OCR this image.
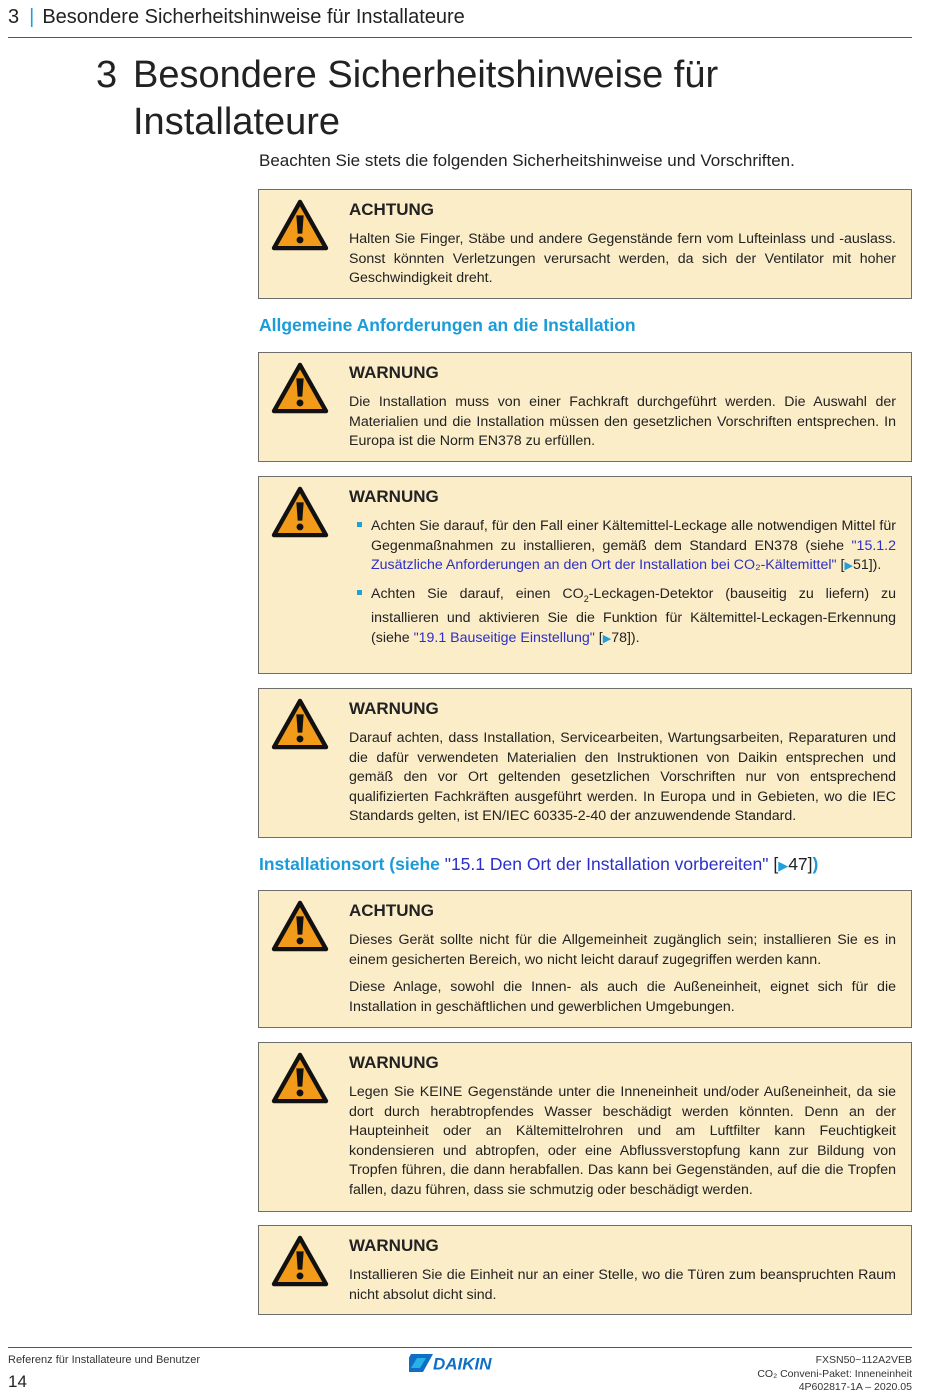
3 | Besondere Sicherheitshinweise für Installateure
3 Besondere Sicherheitshinweise für Installateure
Beachten Sie stets die folgenden Sicherheitshinweise und Vorschriften.
ACHTUNG

Halten Sie Finger, Stäbe und andere Gegenstände fern vom Lufteinlass und -auslass. Sonst könnten Verletzungen verursacht werden, da sich der Ventilator mit hoher Geschwindigkeit dreht.

Allgemeine Anforderungen an die Installation
WARNUNG

Die Installation muss von einer Fachkraft durchgeführt werden. Die Auswahl der Materialien und die Installation müssen den gesetzlichen Vorschriften entsprechen. In Europa ist die Norm EN378 zu erfüllen.

WARNUNG
Achten Sie darauf, für den Fall einer Kältemittel-Leckage alle notwendigen Mittel für Gegenmaßnahmen zu installieren, gemäß dem Standard EN378 (siehe "15.1.2 Zusätzliche Anforderungen an den Ort der Installation bei CO₂-Kältemittel" [▶51]).
Achten Sie darauf, einen $CO_2-Leckagen$-Detektor (bauseitig zu liefern) zu installieren und aktivieren Sie die Funktion für Kältemittel-Leckagen-Erkennung (siehe "19.1 Bauseitige Einstellung" [▶78]).
WARNUNG

Darauf achten, dass Installation, Servicearbeiten, Wartungsarbeiten, Reparaturen und die dafür verwendeten Materialien den Instruktionen von Daikin entsprechen und gemäß den vor Ort geltenden gesetzlichen Vorschriften nur von entsprechend qualifizierten Fachkräften ausgeführt werden. In Europa und in Gebieten, wo die IEC Standards gelten, ist EN/IEC 60335-2-40 der anzuwendende Standard.

Installationsort (siehe "15.1 Den Ort der Installation vorbereiten" [▶47])
ACHTUNG

Dieses Gerät sollte nicht für die Allgemeinheit zugänglich sein; installieren Sie es in einem gesicherten Bereich, wo nicht leicht darauf zugegriffen werden kann.

Diese Anlage, sowohl die Innen- als auch die Außeneinheit, eignet sich für die Installation in geschäftlichen und gewerblichen Umgebungen.

WARNUNG

Legen Sie KEINE Gegenstände unter die Inneneinheit und/oder Außeneinheit, da sie dort durch herabtropfendes Wasser beschädigt werden könnten. Denn an der Haupteinheit oder an Kältemittelrohren und am Luftfilter kann Feuchtigkeit kondensieren und abtropfen, oder eine Abflussverstopfung kann zur Bildung von Tropfen führen, die dann herabfallen. Das kann bei Gegenständen, auf die die Tropfen fallen, dazu führen, dass sie schmutzig oder beschädigt werden.

WARNUNG

Installieren Sie die Einheit nur an einer Stelle, wo die Türen zum beanspruchten Raum nicht absolut dicht sind.

Referenz für Installateure und Benutzer
14
DAIKIN	FXSN50~112A2VEB
CO₂ Conveni-Paket: Inneneinheit
4P602817-1A – 2020.05
